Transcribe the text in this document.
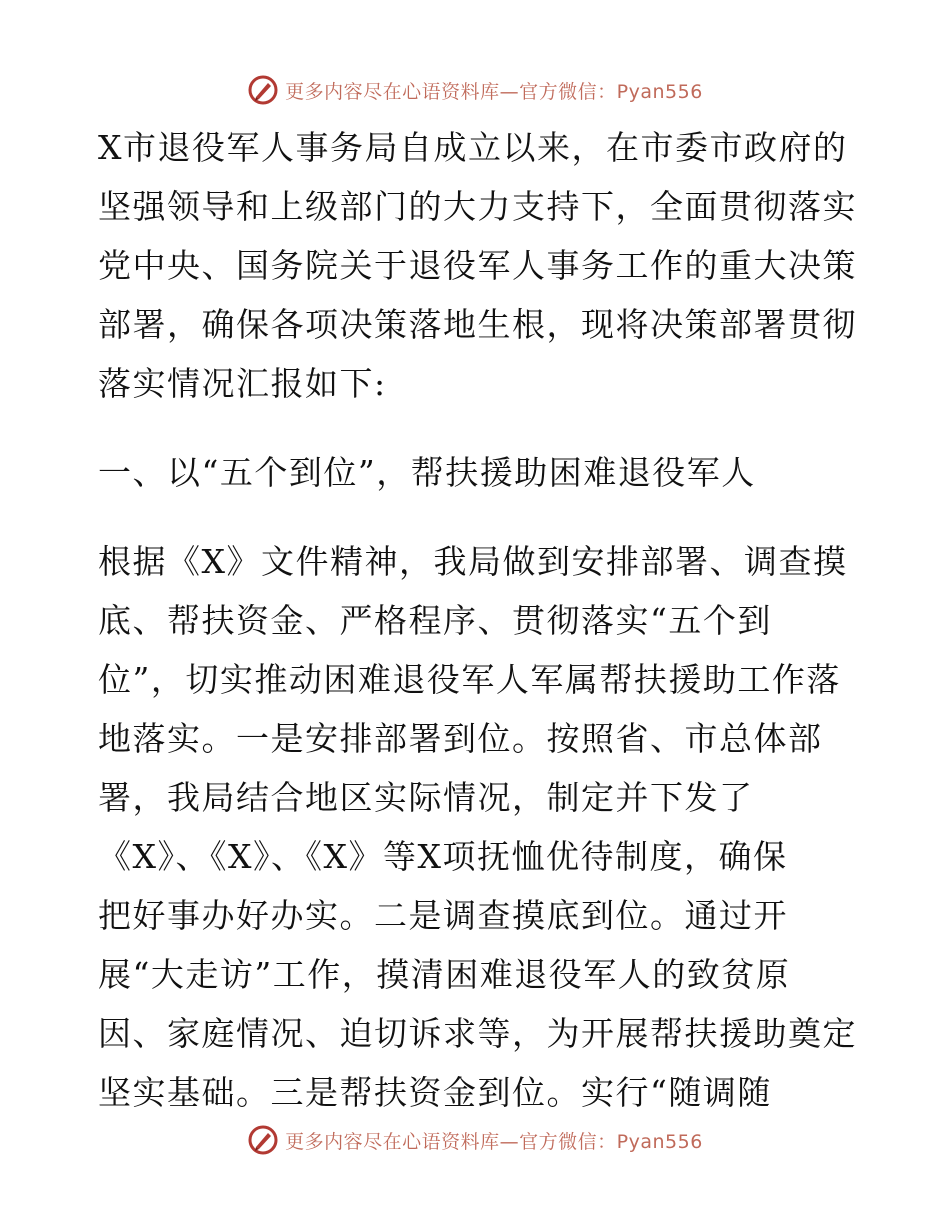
更多内容尽在心语资料库—官方微信：Pyan556
X市退役军人事务局自成立以来，在市委市政府的
坚强领导和上级部门的大力支持下，全面贯彻落实
党中央、国务院关于退役军人事务工作的重大决策
部署，确保各项决策落地生根，现将决策部署贯彻
落实情况汇报如下:
一、以“五个到位”，帮扶援助困难退役军人
根据《X》文件精神，我局做到安排部署、调查摸
底、帮扶资金、严格程序、贯彻落实“五个到
位”，切实推动困难退役军人军属帮扶援助工作落
地落实。一是安排部署到位。按照省、市总体部
署，我局结合地区实际情况，制定并下发了
《X》、《X》、《X》等X项抚恤优待制度，确保
把好事办好办实。二是调查摸底到位。通过开
展“大走访”工作，摸清困难退役军人的致贫原
因、家庭情况、迫切诉求等，为开展帮扶援助奠定
坚实基础。三是帮扶资金到位。实行“随调随
更多内容尽在心语资料库—官方微信：Pyan556
